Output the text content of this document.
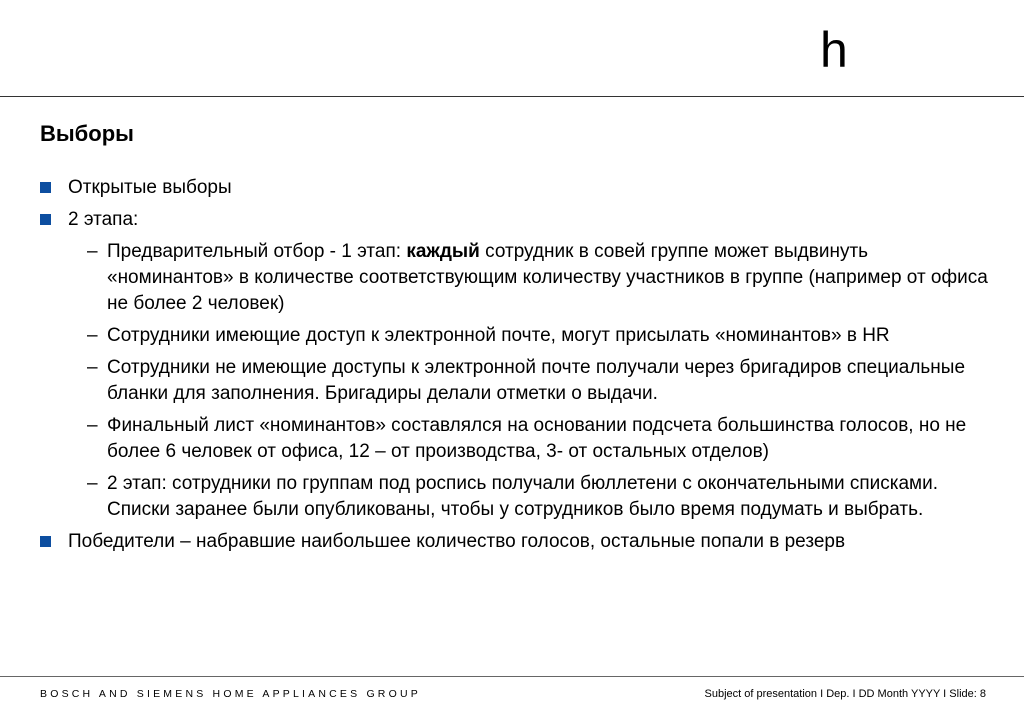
h
Выборы
Открытые выборы
2 этапа:
– Предварительный отбор - 1 этап: каждый сотрудник в совей группе может выдвинуть «номинантов» в количестве соответствующим количеству участников в группе (например от офиса не более 2 человек)
– Сотрудники имеющие доступ к электронной почте, могут присылать «номинантов» в HR
– Сотрудники не имеющие доступы к электронной почте получали через бригадиров специальные бланки для заполнения. Бригадиры делали отметки о выдачи.
– Финальный лист «номинантов» составлялся на основании подсчета большинства голосов, но не более 6 человек от офиса, 12 – от производства, 3- от остальных отделов)
– 2 этап: сотрудники по группам под роспись получали бюллетени с окончательными списками. Списки заранее были опубликованы, чтобы у сотрудников было время подумать и выбрать.
Победители – набравшие наибольшее количество голосов, остальные попали в резерв
BOSCH AND SIEMENS HOME APPLIANCES GROUP	Subject of presentation I Dep. I DD Month YYYY I Slide: 8
